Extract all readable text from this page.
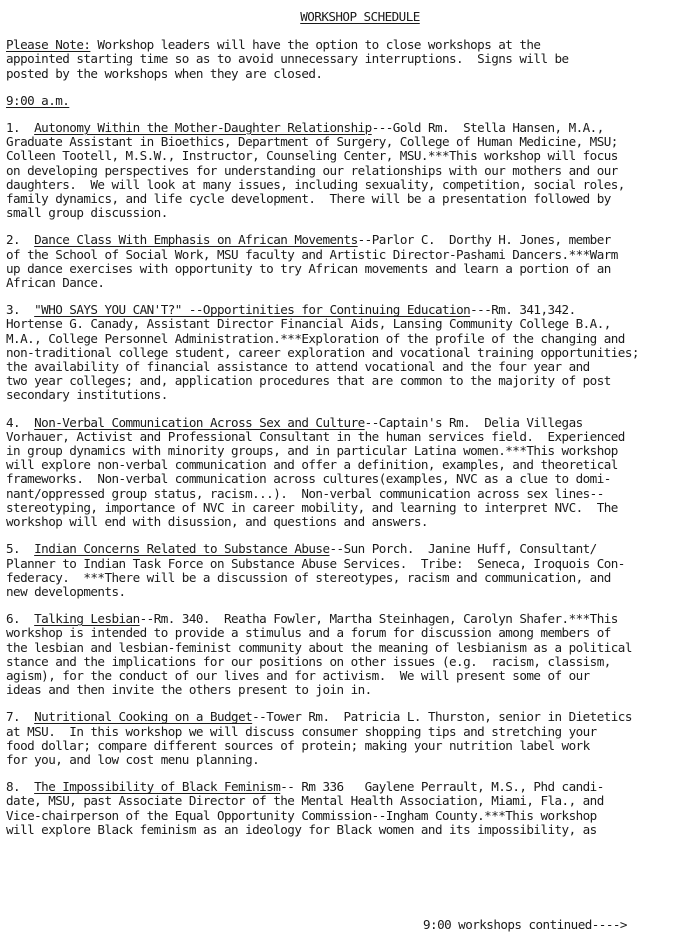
WORKSHOP SCHEDULE
Please Note: Workshop leaders will have the option to close workshops at the
appointed starting time so as to avoid unnecessary interruptions.  Signs will be
posted by the workshops when they are closed.
9:00 a.m.
1.  Autonomy Within the Mother-Daughter Relationship---Gold Rm.  Stella Hansen, M.A.,
Graduate Assistant in Bioethics, Department of Surgery, College of Human Medicine, MSU;
Colleen Tootell, M.S.W., Instructor, Counseling Center, MSU.***This workshop will focus
on developing perspectives for understanding our relationships with our mothers and our
daughters.  We will look at many issues, including sexuality, competition, social roles,
family dynamics, and life cycle development.  There will be a presentation followed by
small group discussion.
2.  Dance Class With Emphasis on African Movements--Parlor C.  Dorthy H. Jones, member
of the School of Social Work, MSU faculty and Artistic Director-Pashami Dancers.***Warm
up dance exercises with opportunity to try African movements and learn a portion of an
African Dance.
3.  "WHO SAYS YOU CAN'T?" --Opportinities for Continuing Education---Rm. 341,342.
Hortense G. Canady, Assistant Director Financial Aids, Lansing Community College B.A.,
M.A., College Personnel Administration.***Exploration of the profile of the changing and
non-traditional college student, career exploration and vocational training opportunities;
the availability of financial assistance to attend vocational and the four year and
two year colleges; and, application procedures that are common to the majority of post
secondary institutions.
4.  Non-Verbal Communication Across Sex and Culture--Captain's Rm.  Delia Villegas
Vorhauer, Activist and Professional Consultant in the human services field.  Experienced
in group dynamics with minority groups, and in particular Latina women.***This workshop
will explore non-verbal communication and offer a definition, examples, and theoretical
frameworks.  Non-verbal communication across cultures(examples, NVC as a clue to domi-
nant/oppressed group status, racism...).  Non-verbal communication across sex lines--
stereotyping, importance of NVC in career mobility, and learning to interpret NVC.  The
workshop will end with disussion, and questions and answers.
5.  Indian Concerns Related to Substance Abuse--Sun Porch.  Janine Huff, Consultant/
Planner to Indian Task Force on Substance Abuse Services.  Tribe:  Seneca, Iroquois Con-
federacy.  ***There will be a discussion of stereotypes, racism and communication, and
new developments.
6.  Talking Lesbian--Rm. 340.  Reatha Fowler, Martha Steinhagen, Carolyn Shafer.***This
workshop is intended to provide a stimulus and a forum for discussion among members of
the lesbian and lesbian-feminist community about the meaning of lesbianism as a political
stance and the implications for our positions on other issues (e.g.  racism, classism,
agism), for the conduct of our lives and for activism.  We will present some of our
ideas and then invite the others present to join in.
7.  Nutritional Cooking on a Budget--Tower Rm.  Patricia L. Thurston, senior in Dietetics
at MSU.  In this workshop we will discuss consumer shopping tips and stretching your
food dollar; compare different sources of protein; making your nutrition label work
for you, and low cost menu planning.
8.  The Impossibility of Black Feminism-- Rm 336   Gaylene Perrault, M.S., Phd candi-
date, MSU, past Associate Director of the Mental Health Association, Miami, Fla., and
Vice-chairperson of the Equal Opportunity Commission--Ingham County.***This workshop
will explore Black feminism as an ideology for Black women and its impossibility, as
9:00 workshops continued---->
